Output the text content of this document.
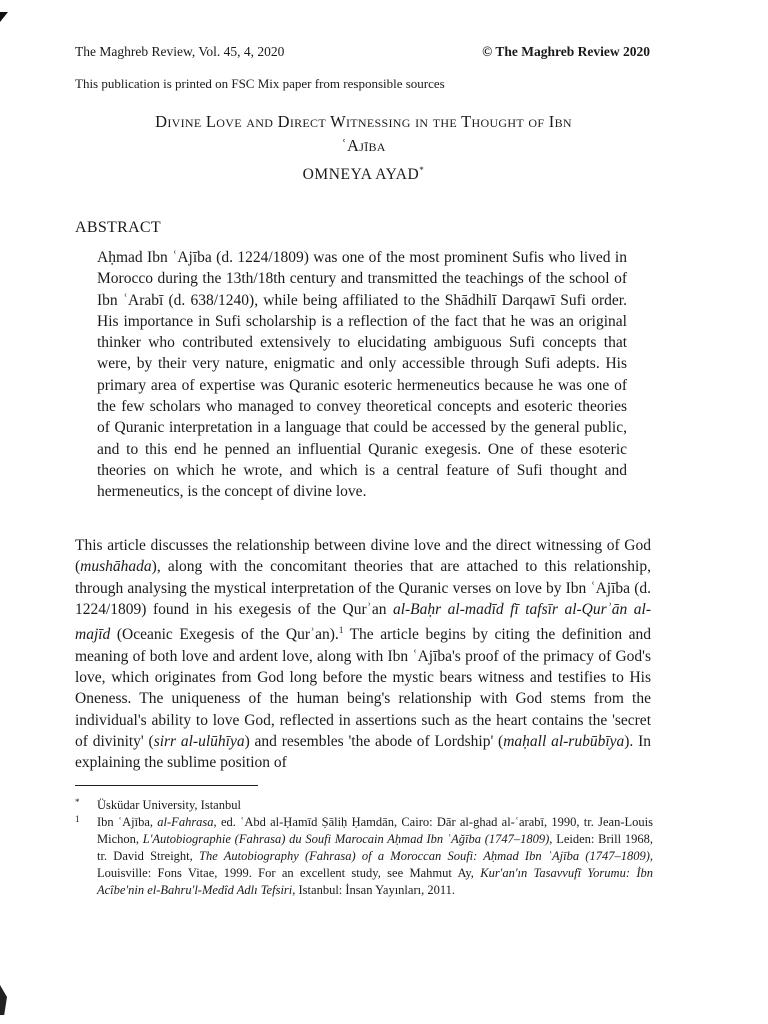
The Maghreb Review, Vol. 45, 4, 2020	© The Maghreb Review 2020
This publication is printed on FSC Mix paper from responsible sources
Divine Love and Direct Witnessing in the Thought of Ibn
ʿAjība
OMNEYA AYAD*
ABSTRACT
Aḥmad Ibn ʿAjība (d. 1224/1809) was one of the most prominent Sufis who lived in Morocco during the 13th/18th century and transmitted the teachings of the school of Ibn ʿArabī (d. 638/1240), while being affiliated to the Shādhilī Darqawī Sufi order. His importance in Sufi scholarship is a reflection of the fact that he was an original thinker who contributed extensively to elucidating ambiguous Sufi concepts that were, by their very nature, enigmatic and only accessible through Sufi adepts. His primary area of expertise was Quranic esoteric hermeneutics because he was one of the few scholars who managed to convey theoretical concepts and esoteric theories of Quranic interpretation in a language that could be accessed by the general public, and to this end he penned an influential Quranic exegesis. One of these esoteric theories on which he wrote, and which is a central feature of Sufi thought and hermeneutics, is the concept of divine love.
This article discusses the relationship between divine love and the direct witnessing of God (mushāhada), along with the concomitant theories that are attached to this relationship, through analysing the mystical interpretation of the Quranic verses on love by Ibn ʿAjība (d. 1224/1809) found in his exegesis of the Qurʾan al-Baḥr al-madīd fī tafsīr al-Qurʾān al-majīd (Oceanic Exegesis of the Qurʾan).$^1$ The article begins by citing the definition and meaning of both love and ardent love, along with Ibn ʿAjība's proof of the primacy of God's love, which originates from God long before the mystic bears witness and testifies to His Oneness. The uniqueness of the human being's relationship with God stems from the individual's ability to love God, reflected in assertions such as the heart contains the 'secret of divinity' (sirr al-ulūhīya) and resembles 'the abode of Lordship' (maḥall al-rubūbīya). In explaining the sublime position of
* Üsküdar University, Istanbul
1 Ibn ʿAjība, al-Fahrasa, ed. ʿAbd al-Ḥamīd Ṣāliḥ Ḥamdān, Cairo: Dār al-ghad al-ʿarabī, 1990, tr. Jean-Louis Michon, L'Autobiographie (Fahrasa) du Soufi Marocain Aḥmad Ibn ʿAğība (1747–1809), Leiden: Brill 1968, tr. David Streight, The Autobiography (Fahrasa) of a Moroccan Soufi: Aḥmad Ibn ʿAjība (1747–1809), Louisville: Fons Vitae, 1999. For an excellent study, see Mahmut Ay, Kur'an'ın Tasavvufî Yorumu: İbn Acîbe'nin el-Bahru'l-Medîd Adlı Tefsiri, Istanbul: İnsan Yayınları, 2011.
